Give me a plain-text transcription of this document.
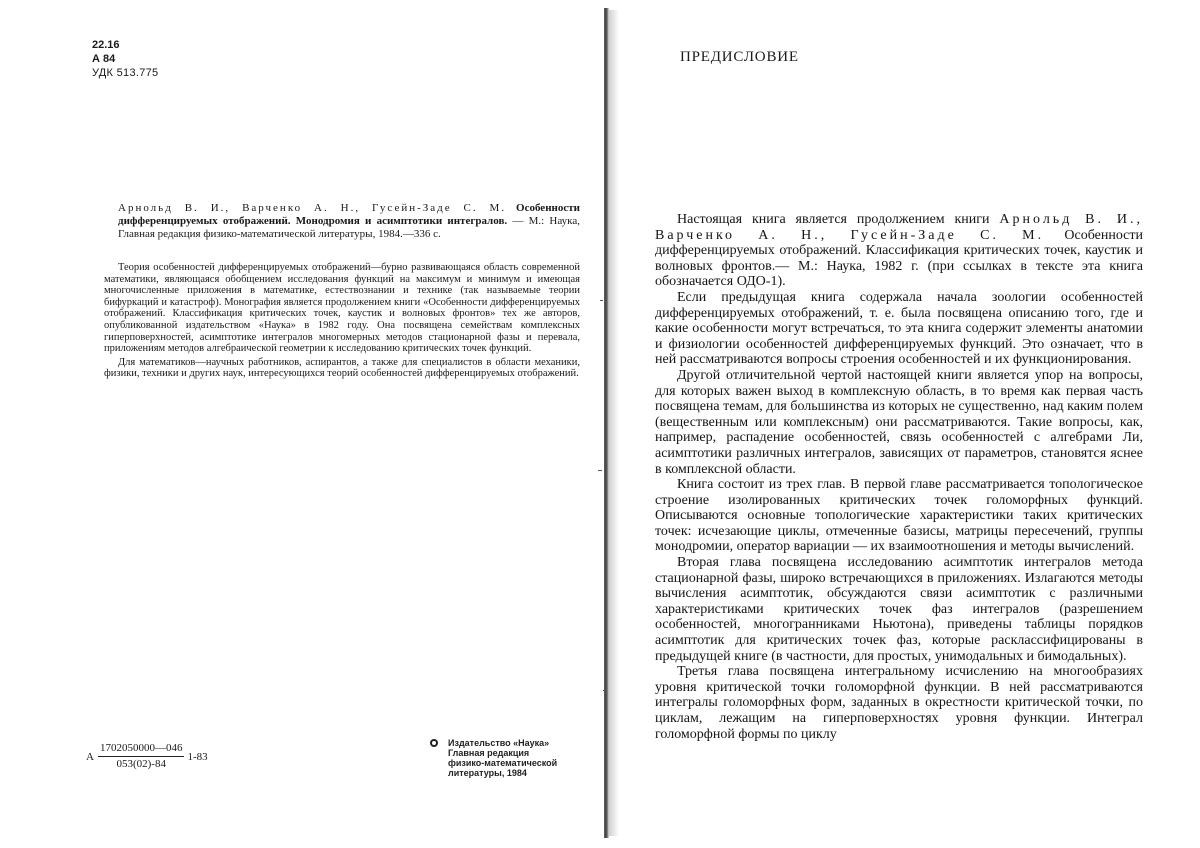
22.16
А 84
УДК 513.775
Арнольд В. И., Варченко А. Н., Гусейн-Заде С. М. Особенности дифференцируемых отображений. Монодромия и асимптотики интегралов. — М.: Наука, Главная редакция физико-математической литературы, 1984.—336 с.

Теория особенностей дифференцируемых отображений—бурно развивающаяся область современной математики, являющаяся обобщением исследования функций на максимум и минимум и имеющая многочисленные приложения в математике, естествознании и технике (так называемые теории бифуркаций и катастроф). Монография является продолжением книги «Особенности дифференцируемых отображений. Классификация критических точек, каустик и волновых фронтов» тех же авторов, опубликованной издательством «Наука» в 1982 году. Она посвящена семействам комплексных гиперповерхностей, асимптотике интегралов многомерных методов стационарной фазы и перевала, приложениям методов алгебраической геометрии к исследованию критических точек функций.

Для математиков—научных работников, аспирантов, а также для специалистов в области механики, физики, техники и других наук, интересующихся теорий особенностей дифференцируемых отображений.

А $\frac{1702050000—046}{053(02)-84} 1-83$
Издательство «Наука»
Главная редакция
физико-математической
литературы, 1984
ПРЕДИСЛОВИЕ

Настоящая книга является продолжением книги Арнольд В. И., Варченко А. Н., Гусейн-Заде С. М. Особенности дифференцируемых отображений. Классификация критических точек, каустик и волновых фронтов.— М.: Наука, 1982 г. (при ссылках в тексте эта книга обозначается ОДО-1).

Если предыдущая книга содержала начала зоологии особенностей дифференцируемых отображений, т. е. была посвящена описанию того, где и какие особенности могут встречаться, то эта книга содержит элементы анатомии и физиологии особенностей дифференцируемых функций. Это означает, что в ней рассматриваются вопросы строения особенностей и их функционирования.

Другой отличительной чертой настоящей книги является упор на вопросы, для которых важен выход в комплексную область, в то время как первая часть посвящена темам, для большинства из которых не существенно, над каким полем (вещественным или комплексным) они рассматриваются. Такие вопросы, как, например, распадение особенностей, связь особенностей с алгебрами Ли, асимптотики различных интегралов, зависящих от параметров, становятся яснее в комплексной области.

Книга состоит из трех глав. В первой главе рассматривается топологическое строение изолированных критических точек голоморфных функций. Описываются основные топологические характеристики таких критических точек: исчезающие циклы, отмеченные базисы, матрицы пересечений, группы монодромии, оператор вариации — их взаимоотношения и методы вычислений.

Вторая глава посвящена исследованию асимптотик интегралов метода стационарной фазы, широко встречающихся в приложениях. Излагаются методы вычисления асимптотик, обсуждаются связи асимптотик с различными характеристиками критических точек фаз интегралов (разрешением особенностей, многогранниками Ньютона), приведены таблицы порядков асимптотик для критических точек фаз, которые расклассифицированы в предыдущей книге (в частности, для простых, унимодальных и бимодальных).

Третья глава посвящена интегральному исчислению на многообразиях уровня критической точки голоморфной функции. В ней рассматриваются интегралы голоморфных форм, заданных в окрестности критической точки, по циклам, лежащим на гиперповерхностях уровня функции. Интеграл голоморфной формы по циклу
